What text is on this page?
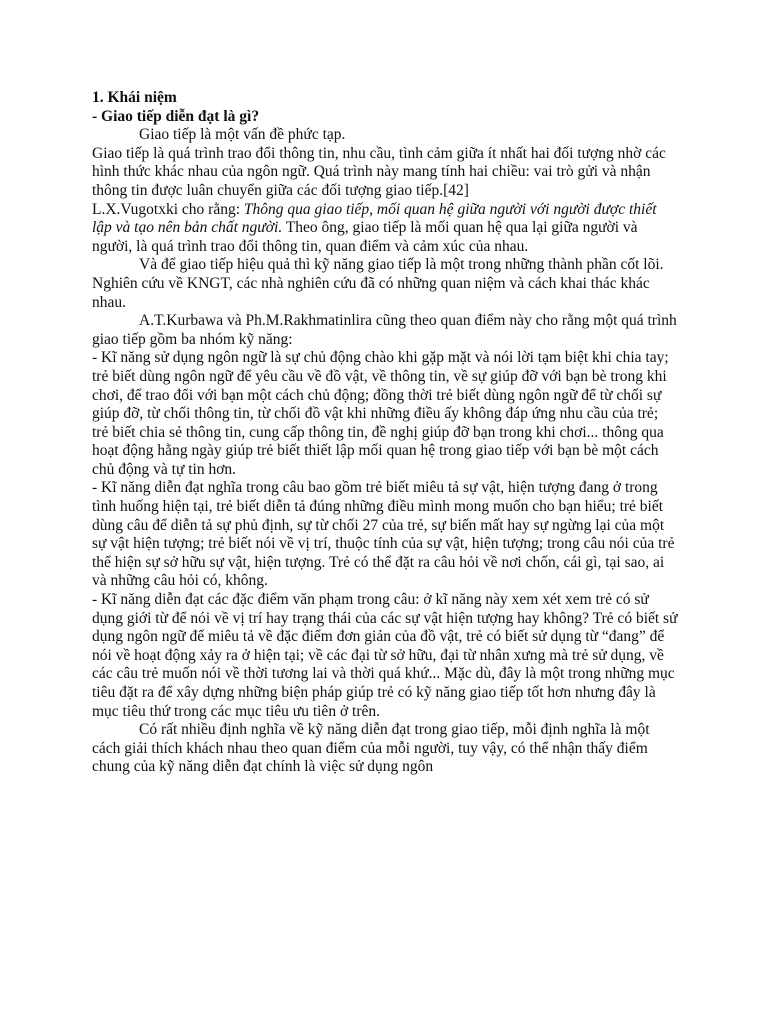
1. Khái niệm

- Giao tiếp diễn đạt là gì?

Giao tiếp là một vấn đề phức tạp.

Giao tiếp là quá trình trao đổi thông tin, nhu cầu, tình cảm giữa ít nhất hai đối tượng nhờ các hình thức khác nhau của ngôn ngữ. Quá trình này mang tính hai chiều: vai trò gửi và nhận thông tin được luân chuyển giữa các đối tượng giao tiếp.[42]

L.X.Vugotxki cho rằng: Thông qua giao tiếp, mối quan hệ giữa người với người được thiết lập và tạo nên bản chất người. Theo ông, giao tiếp là mối quan hệ qua lại giữa người và người, là quá trình trao đổi thông tin, quan điểm và cảm xúc của nhau.

Và để giao tiếp hiệu quả thì kỹ năng giao tiếp là một trong những thành phần cốt lõi. Nghiên cứu về KNGT, các nhà nghiên cứu đã có những quan niệm và cách khai thác khác nhau.

A.T.Kurbawa và Ph.M.Rakhmatinlira cũng theo quan điểm này cho rằng một quá trình giao tiếp gồm ba nhóm kỹ năng:

- Kĩ năng sử dụng ngôn ngữ là sự chủ động chào khi gặp mặt và nói lời tạm biệt khi chia tay; trẻ biết dùng ngôn ngữ để yêu cầu về đồ vật, về thông tin, về sự giúp đỡ với bạn bè trong khi chơi, để trao đổi với bạn một cách chủ động; đồng thời trẻ biết dùng ngôn ngữ để từ chối sự giúp đỡ, từ chối thông tin, từ chối đồ vật khi những điều ấy không đáp ứng nhu cầu của trẻ; trẻ biết chia sẻ thông tin, cung cấp thông tin, đề nghị giúp đỡ bạn trong khi chơi... thông qua hoạt động hằng ngày giúp trẻ biết thiết lập mối quan hệ trong giao tiếp với bạn bè một cách chủ động và tự tin hơn.

- Kĩ năng diễn đạt nghĩa trong câu bao gồm trẻ biết miêu tả sự vật, hiện tượng đang ở trong tình huống hiện tại, trẻ biết diễn tả đúng những điều mình mong muốn cho bạn hiểu; trẻ biết dùng câu để diễn tả sự phủ định, sự từ chối 27 của trẻ, sự biến mất hay sự ngừng lại của một sự vật hiện tượng; trẻ biết nói về vị trí, thuộc tính của sự vật, hiện tượng; trong câu nói của trẻ thể hiện sự sở hữu sự vật, hiện tượng. Trẻ có thể đặt ra câu hỏi về nơi chốn, cái gì, tại sao, ai và những câu hỏi có, không.

- Kĩ năng diễn đạt các đặc điểm văn phạm trong câu: ở kĩ năng này xem xét xem trẻ có sử dụng giới từ để nói về vị trí hay trạng thái của các sự vật hiện tượng hay không? Trẻ có biết sử dụng ngôn ngữ để miêu tả về đặc điểm đơn giản của đồ vật, trẻ có biết sử dụng từ “đang” để nói về hoạt động xảy ra ở hiện tại; về các đại từ sở hữu, đại từ nhân xưng mà trẻ sử dụng, về các câu trẻ muốn nói về thời tương lai và thời quá khứ... Mặc dù, đây là một trong những mục tiêu đặt ra để xây dựng những biện pháp giúp trẻ có kỹ năng giao tiếp tốt hơn nhưng đây là mục tiêu thứ trong các mục tiêu ưu tiên ở trên.

Có rất nhiều định nghĩa về kỹ năng diễn đạt trong giao tiếp, mỗi định nghĩa là một cách giải thích khách nhau theo quan điểm của mỗi người, tuy vậy, có thể nhận thấy điểm chung của kỹ năng diễn đạt chính là việc sử dụng ngôn
